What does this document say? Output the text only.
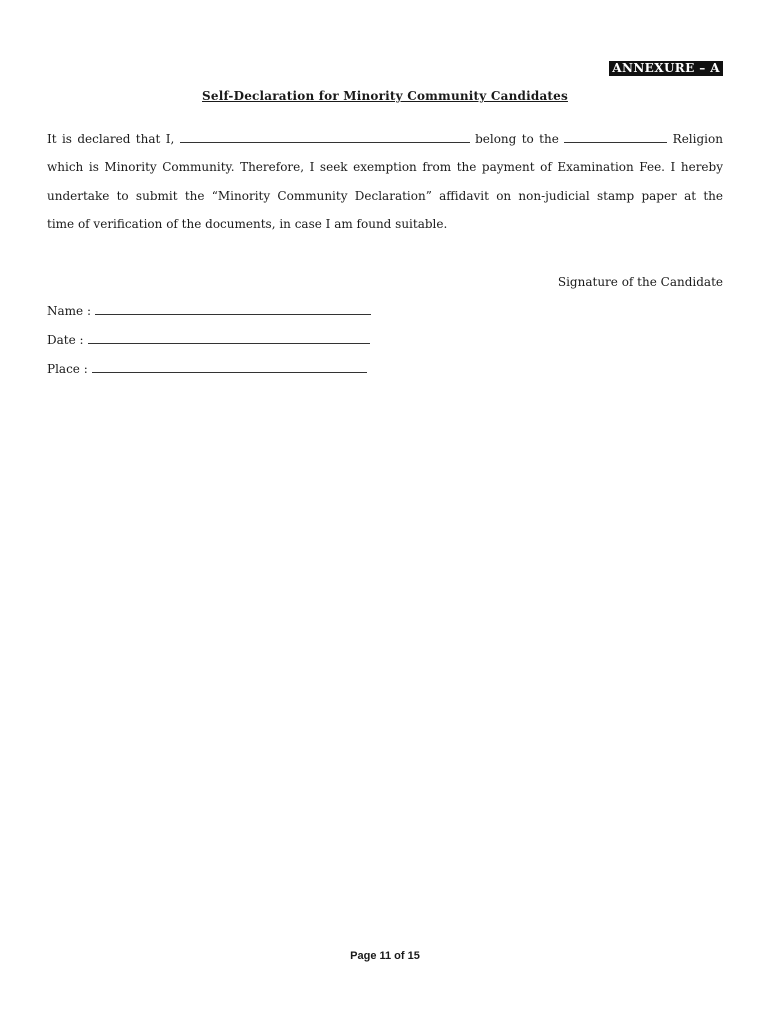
ANNEXURE – A
Self-Declaration for Minority Community Candidates
It is declared that I,	belong to the	Religion
which is Minority Community. Therefore, I seek exemption from the payment of Examination Fee. I hereby
undertake to submit the “Minority Community Declaration” affidavit on non-judicial stamp paper at the
time of verification of the documents, in case I am found suitable.
Signature of the Candidate
Name :
Date :
Place :
Page 11 of 15
